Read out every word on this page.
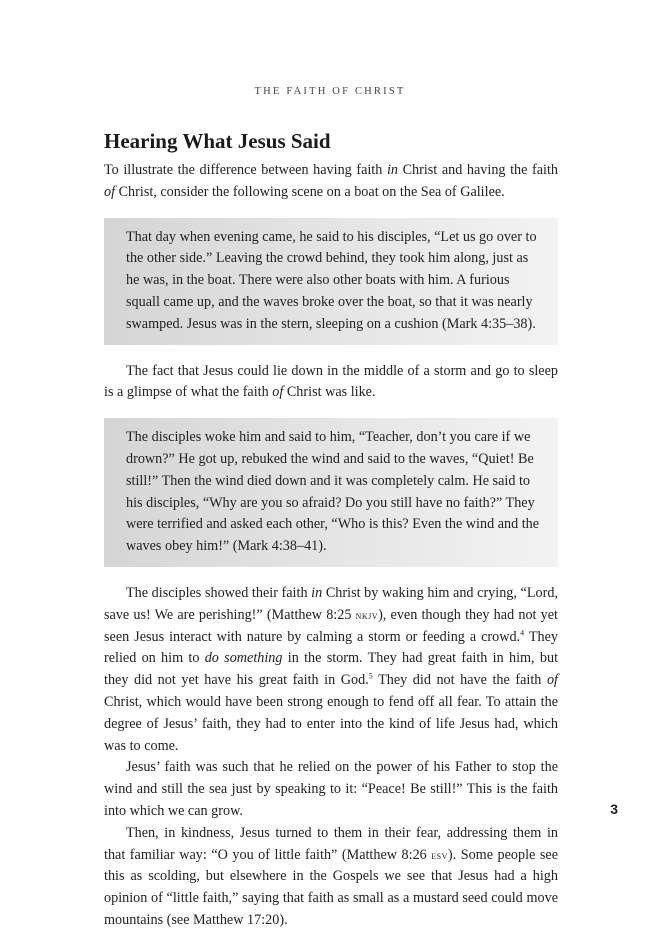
THE FAITH OF CHRIST
Hearing What Jesus Said

To illustrate the difference between having faith in Christ and having the faith of Christ, consider the following scene on a boat on the Sea of Galilee.

That day when evening came, he said to his disciples, “Let us go over to the other side.” Leaving the crowd behind, they took him along, just as he was, in the boat. There were also other boats with him. A furious squall came up, and the waves broke over the boat, so that it was nearly swamped. Jesus was in the stern, sleeping on a cushion (Mark 4:35–38).

The fact that Jesus could lie down in the middle of a storm and go to sleep is a glimpse of what the faith of Christ was like.

The disciples woke him and said to him, “Teacher, don’t you care if we drown?” He got up, rebuked the wind and said to the waves, “Quiet! Be still!” Then the wind died down and it was completely calm. He said to his disciples, “Why are you so afraid? Do you still have no faith?” They were terrified and asked each other, “Who is this? Even the wind and the waves obey him!” (Mark 4:38–41).

The disciples showed their faith in Christ by waking him and crying, “Lord, save us! We are perishing!” (Matthew 8:25 nkjv), even though they had not yet seen Jesus interact with nature by calming a storm or feeding a crowd.$^4$ They relied on him to do something in the storm. They had great faith in him, but they did not yet have his great faith in God.$^5$ They did not have the faith of Christ, which would have been strong enough to fend off all fear. To attain the degree of Jesus’ faith, they had to enter into the kind of life Jesus had, which was to come.

Jesus’ faith was such that he relied on the power of his Father to stop the wind and still the sea just by speaking to it: “Peace! Be still!” This is the faith into which we can grow.

Then, in kindness, Jesus turned to them in their fear, addressing them in that familiar way: “O you of little faith” (Matthew 8:26 esv). Some people see this as scolding, but elsewhere in the Gospels we see that Jesus had a high opinion of “little faith,” saying that faith as small as a mustard seed could move mountains (see Matthew 17:20).

3
